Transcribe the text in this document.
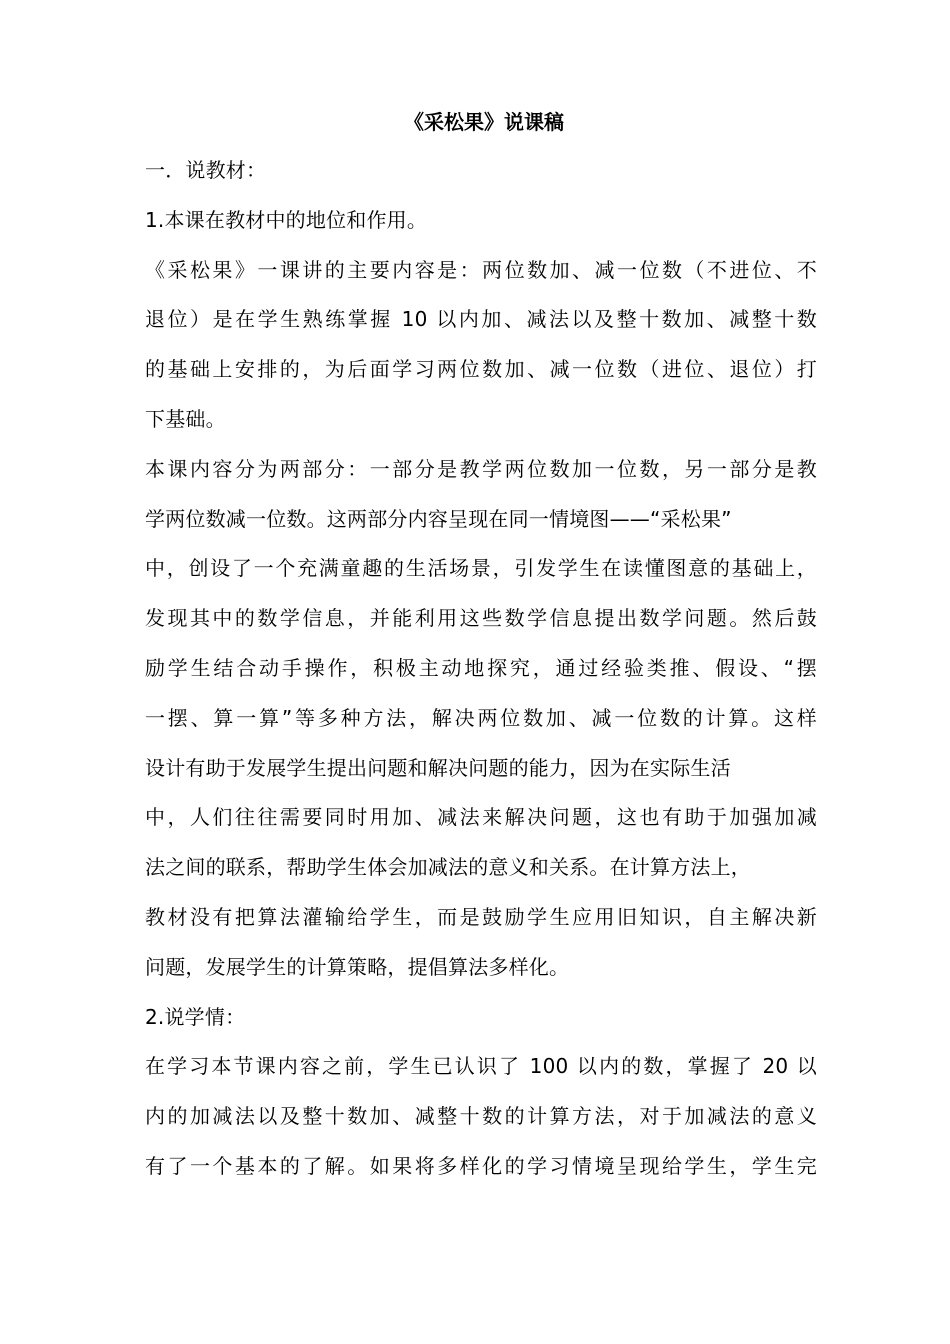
《采松果》说课稿
一．说教材：
1.本课在教材中的地位和作用。
《采松果》一课讲的主要内容是：两位数加、减一位数（不进位、不
退位）是在学生熟练掌握 10 以内加、减法以及整十数加、减整十数
的基础上安排的，为后面学习两位数加、减一位数（进位、退位）打
下基础。
本课内容分为两部分：一部分是教学两位数加一位数，另一部分是教
学两位数减一位数。这两部分内容呈现在同一情境图——“采松果”
中，创设了一个充满童趣的生活场景，引发学生在读懂图意的基础上，
发现其中的数学信息，并能利用这些数学信息提出数学问题。然后鼓
励学生结合动手操作，积极主动地探究，通过经验类推、假设、“摆
一摆、算一算”等多种方法，解决两位数加、减一位数的计算。这样
设计有助于发展学生提出问题和解决问题的能力，因为在实际生活
中，人们往往需要同时用加、减法来解决问题，这也有助于加强加减
法之间的联系，帮助学生体会加减法的意义和关系。在计算方法上，
教材没有把算法灌输给学生，而是鼓励学生应用旧知识，自主解决新
问题，发展学生的计算策略，提倡算法多样化。
2.说学情：
在学习本节课内容之前，学生已认识了 100 以内的数，掌握了 20 以
内的加减法以及整十数加、减整十数的计算方法，对于加减法的意义
有了一个基本的了解。如果将多样化的学习情境呈现给学生，学生完
